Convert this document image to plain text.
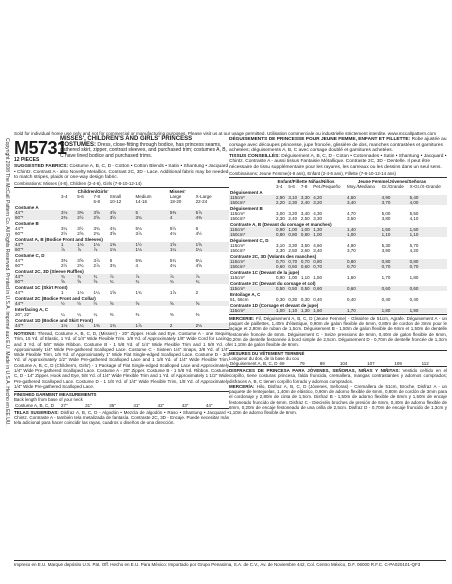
Copyright 2008 The McCall Pattern Co. All Rights Reserved. Printed in U.S.A. Imprimé aux E.U. Made in U.S.A. Hecho en EE.UU.
Sold for individual home use only and not for commercial or manufacturing purposes. Please visit us at our usage permitted. Utilisation commerciale ou industrielle strictement interdite. www.mccallpattern.com
M5731
12 PIECES
MISSES', CHILDREN'S AND GIRLS' PRINCESS COSTUMES: Dress, close-fitting through bodice, has princess seams, gathered skirt, zipper, contrast sleeves, and purchased trim; costumes A, B, C have lined bodice and purchased trims.
SUGGESTED FABRICS: Costume A, B, C, D - Cotton • Cotton Blends • Satin • Shantung • Jacquard • Chintz. Contrast A - also Novelty Metallics. Contrast 2C, 3D - Lace. Additional fabric may be needed to match stripes, plaids or one-way design fabric.
Combinations: Misses (4-8), Children (2-4-6), Girls (7-8-10-12-14)
Children/Girls'	Misses'
	3-4	5-6	7-8	Small	Medium	Large	X-Large
			6-8	10-12	14-16	18-20	22-24
Costume A							
44"*	3⅛	3⅜	3⅝	4⅝	5	5⅜	5⅞
60"*	2⅜	2½	2⅝	3½	3¾	4	4⅜
Costume B							
44"*	3¼	3½	3¾	4¾	5⅛	5½	6
60"*	2½	2⅝	2¾	3⅝	3⅞	4⅛	4½
Contrast A, B (Bodice Front and Sleeves)							
44"*	1	1⅛	1⅛	1⅜	1½	1⅝	1⅝
60"*	⅞	⅞	⅞	1⅛	1⅛	1¼	1¼
Costume C, D							
44"*	3⅜	3⅝	3⅞	5	5⅜	5¾	6¼
60"*	2½	2¾	2⅞	3¾	4	4¼	4⅝
Contrast 2C, 3D (Sleeve Ruffles)							
44"*	¾	¾	¾	⅞	⅞	⅞	⅞
60"*	⅝	⅝	⅝	¾	¾	¾	¾
Contrast 1C (Skirt Front)							
44"*	1	1⅛	1¼	1⅝	1¾	1⅞	2
Contrast 2C (Bodice Front and Collar)							
44"*	½	½	½	⅝	⅝	⅝	⅝
Interfacing A, C							
20", 22"	¼	¼	¼	⅜	⅜	⅜	⅜
Contrast 1D (Bodice and Skirt Front)							
44"*	1⅛	1¼	1⅜	1¾	1⅞	2	2⅛
NOTIONS: Thread, Costume A, B, C, D, (Misses') - 20" Zipper. Hook and Eye. Costume A - one Sequin Trim, 15 Yd. of Elastic, 1 Yd. of 1/4" Wide Flexible Trim. 1/8 Yd. of Approximately 1/8" Wide Cord for Lacing and 3 Yd. of 5/8" Wide Ribbon. Costume B - 1 5/8 Yd. of 1/4" Wide Flexible Trim and 1 5/8 Yd. of Approximately 1/4" Wide Pre-gathered Scalloped Lace. Costume C - Sixteen 1/4" Snaps, 3/8 Yd. of 1/4" Wide Flexible Trim, 1/8 Yd. of Approximately 1" Wide Flat Single-edged Scalloped Lace. Costume D - 3/4 Yd. of Approximately 1/2" Wide Pre-gathered Scalloped Lace and 1 1/8 Yd. of 1/4" Wide Flexible Trim. Costume A, B, C, D (Children's, Girls') - 1 Package of Flat Single-edged Scalloped Lace and Approximately 1/4" Wide Pre-gathered Scalloped Lace. Costume A - 20" Zipper. Costume B - 1 5/8 Yd. Ribbon. Costume C, D - 14" Zipper. Hook and Eye, 5/8 Yd. of 1/4" Wide Flexible Trim and 1 Yd. of Approximately 1 1/2" Wide Pre-gathered Scalloped Lace. Costume D - 1 1/8 Yd. of 1/4" Wide Flexible Trim, 1/8 Yd. of Approximately 1/4" Wide Pre-gathered Scalloped Lace.
FINISHED GARMENT MEASUREMENTS
Back length from base of your neck
Costume A, B, C, D	27"	31"	35"	41"	42"	43"	44"
TELAS SUGERIDAS: Disfraz A, B, C, D - Algodón • Mezcla de algodón • Raso • Shantung • Jacquard • Chintz. Contraste A - también tela metalizada de fantasía. Contraste 2C, 3D - Encaje. Puede necesitar más tela adicional para hacer coincidir las rayas, cuadros o diseños de una dirección.
DÉGUISEMENTS DE PRINCESSE POUR JEUNE FEMME, ENFANT ET FILLETTE: Robe ajustée au corsage avec découpes princesse, jupe froncée, glissière de dos, manches contrastées et garnitures achetées; déguisements A, B, C avec corsage doublé et garnitures achetées.
TISSUS CONSEILLÉS: Déguisement A, B, C, D - Coton • Cotonnades • Satin • Shantung • Jacquard • Chintz. Contraste A - aussi tissus Fantaisie Métallique. Contraste 2C, 3D - Dentelle. Il peut être nécessaire de tissu supplémentaire pour les rayures, les carreaux ou les dessins dans un seul sens.
Combinaisons: Jeune Femme(4-8 ans), Enfant (2-4-6 ans), Fillette (7-8-10-12-14 ans)
Enfant/Fillette Niñas/Niños	Jeune Femme/Jóvenes/Señoras
	3-4	5-6	7-8	Pet./Pequeño	Moy./Mediano	Gr./Grande	X-Gr./X-Grande
Déguisement A							
115cm*	2,90	3,10	3,30	4,20	4,60	4,90	5,40
150cm*	2,20	2,30	2,40	3,20	3,40	3,70	4,00
Déguisement B							
115cm*	3,00	3,20	3,40	4,30	4,70	5,00	5,50
150cm*	2,30	2,40	2,50	3,30	3,50	3,80	4,10
Contraste A, B (Devant du corsage et manches)							
115cm*	0,90	1,00	1,00	1,30	1,40	1,50	1,50
150cm*	0,80	0,80	0,80	1,00	1,00	1,10	1,10
Déguisement C, D							
115cm*	3,10	3,30	3,50	4,60	4,90	5,30	5,70
150cm*	2,30	2,50	2,60	3,40	3,70	3,90	4,20
Contraste 2C, 3D (Volants des manches)							
115cm*	0,70	0,70	0,70	0,80	0,80	0,80	0,80
150cm*	0,60	0,60	0,60	0,70	0,70	0,70	0,70
Contraste 1C (Devant de la jupe)							
115cm*	0,90	1,00	1,10	1,50	1,60	1,70	1,80
Contraste 2C (Devant du corsage et col)							
115cm*	0,50	0,50	0,50	0,60	0,60	0,60	0,60
Entoilage A, C							
51, 56cm	0,30	0,30	0,30	0,40	0,40	0,40	0,40
Contraste 1D (Corsage et devant de jupe)							
115cm*	1,00	1,10	1,30	1,60	1,70	1,80	1,90
MERCERIE: Fil, Déguisement A, B, C, D (Jeune Femme) - Glissière de 51cm, Agrafe. Déguisement A - un paquet de paillettes, 1,40m d'élastique, 0,90m de galon flexible de 6mm, 0,80m de cordon de 3mm pour le laçage et 2,80m de ruban de 1,5cm. Déguisement B - 1,50m de galon flexible de 6mm et 1,50m de dentelle festonnée froncée de 6mm. Déguisement C - Seize pressions de 6mm, 0,40m de galon flexible de 6mm, 0,20m de dentelle festonnée à bord simple de 2,5cm. Déguisement D - 0,70m de dentelle froncée de 1,3cm et 1,10m de galon flexible de 6mm.
MESURES DU VÊTEMENT TERMINÉ
Longueur du dos, de la base du cou
Déguisement A, B, C, D	69	79	89	104	107	109	112
DISFRACES DE PRINCESA PARA JÓVENES, SEÑORAS, NIÑAS Y NIÑITAS: Vestido ceñido en el corpiño, tiene costuras princesa, falda fruncida, cremallera, mangas contrastantes y adornos comprados; disfraces A, B, C tienen corpiño forrado y adornos comprados.
MERCERÍA: Hilo, Disfraz A, B, C, D (Jóvenes, Señoras) - Cremallera de 51cm, Broche. Disfraz A - un paquete de lentejuelas, 1,40m de elástico, 0,90m de adorno flexible de 6mm, 0,80m de cordón de 3mm para el cordonaje y 2,80m de cinta de 1,5cm. Disfraz B - 1,50m de adorno flexible de 6mm y 1,50m de encaje festoneado fruncido de 6mm. Disfraz C - Dieciséis broches de presión de 6mm, 0,40m de adorno flexible de 6mm, 0,20m de encaje festoneado de una orilla de 2,5cm. Disfraz D - 0,70m de encaje fruncido de 1,3cm y 1,10m de adorno flexible de 6mm.
Impreso en E.U. Marque depósito U.S. Pat. Off. Hecho en E.U. Para México: Importado por Grupo Penasima, S.A. de C.V., Av. de Noviembre 442, Col. Centro México, D.F. 06000 R.F.C. C-PA020101-QF3
